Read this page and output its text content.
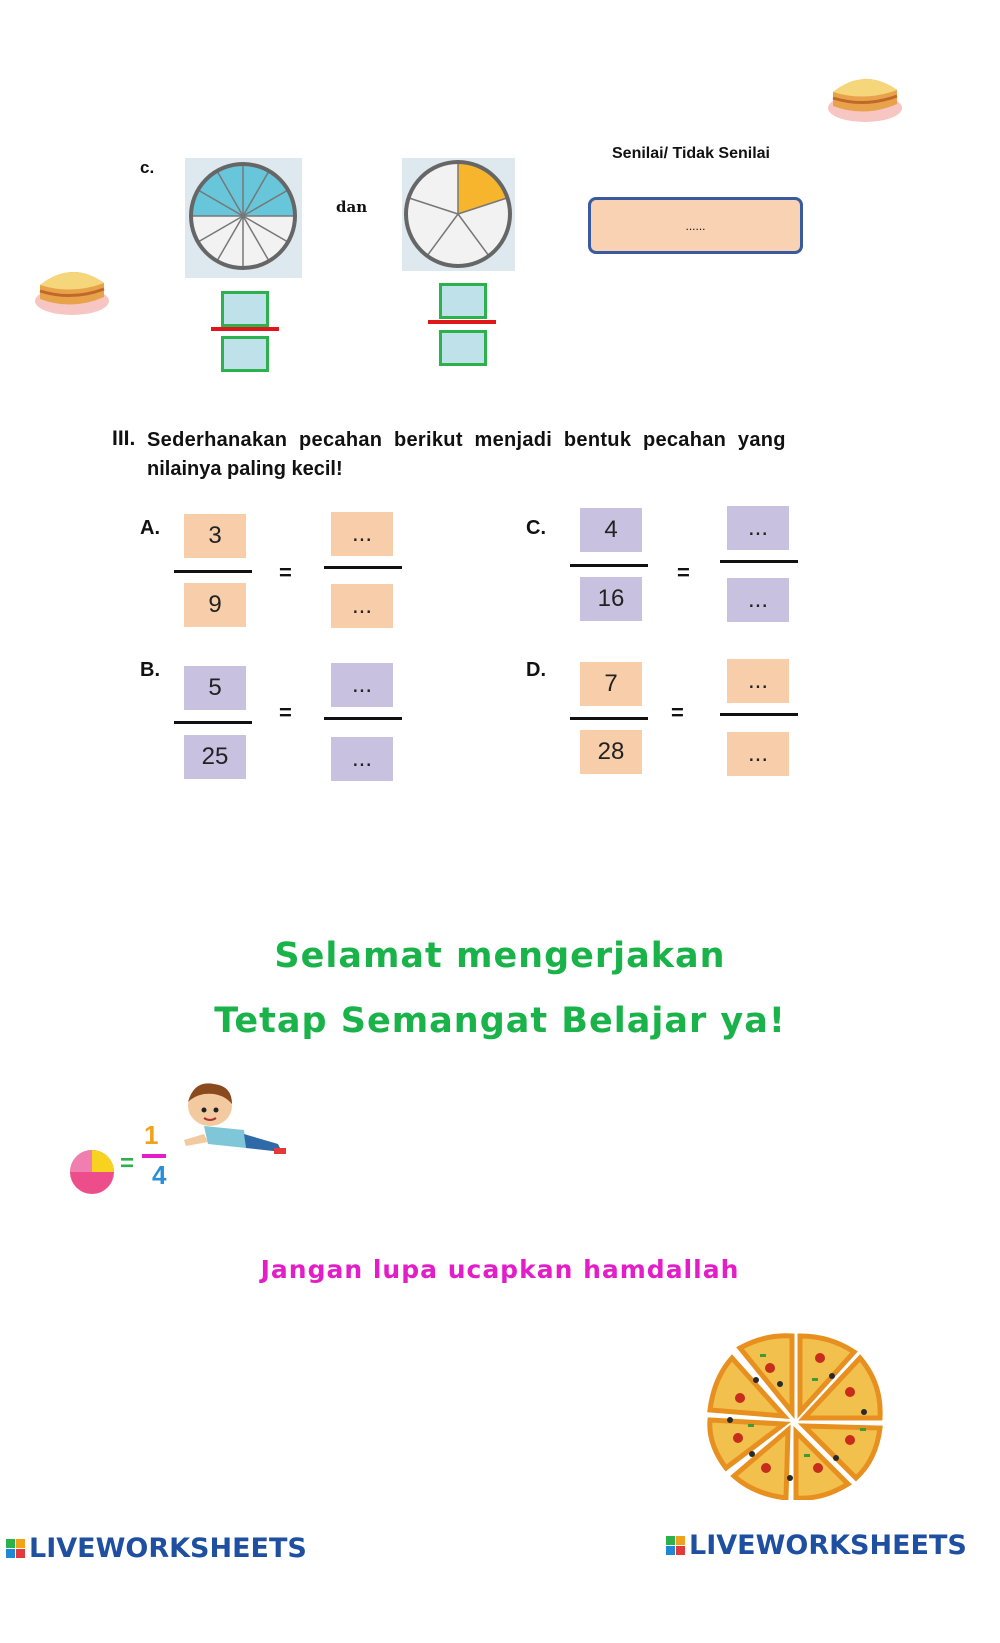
c.
dan
Senilai/ Tidak Senilai
......
III. Sederhanakan  pecahan  berikut  menjadi  bentuk  pecahan  yang
nilainya paling kecil!
A.	3
9
=
...
...
B.
5
25
=
...
...
C.	4
16
=
...
...
D.	7
28
=
...
...
Selamat mengerjakan
Tetap Semangat Belajar ya!
=
1
4
Jangan lupa ucapkan hamdallah
LIVEWORKSHEETS	LIVEWORKSHEETS
